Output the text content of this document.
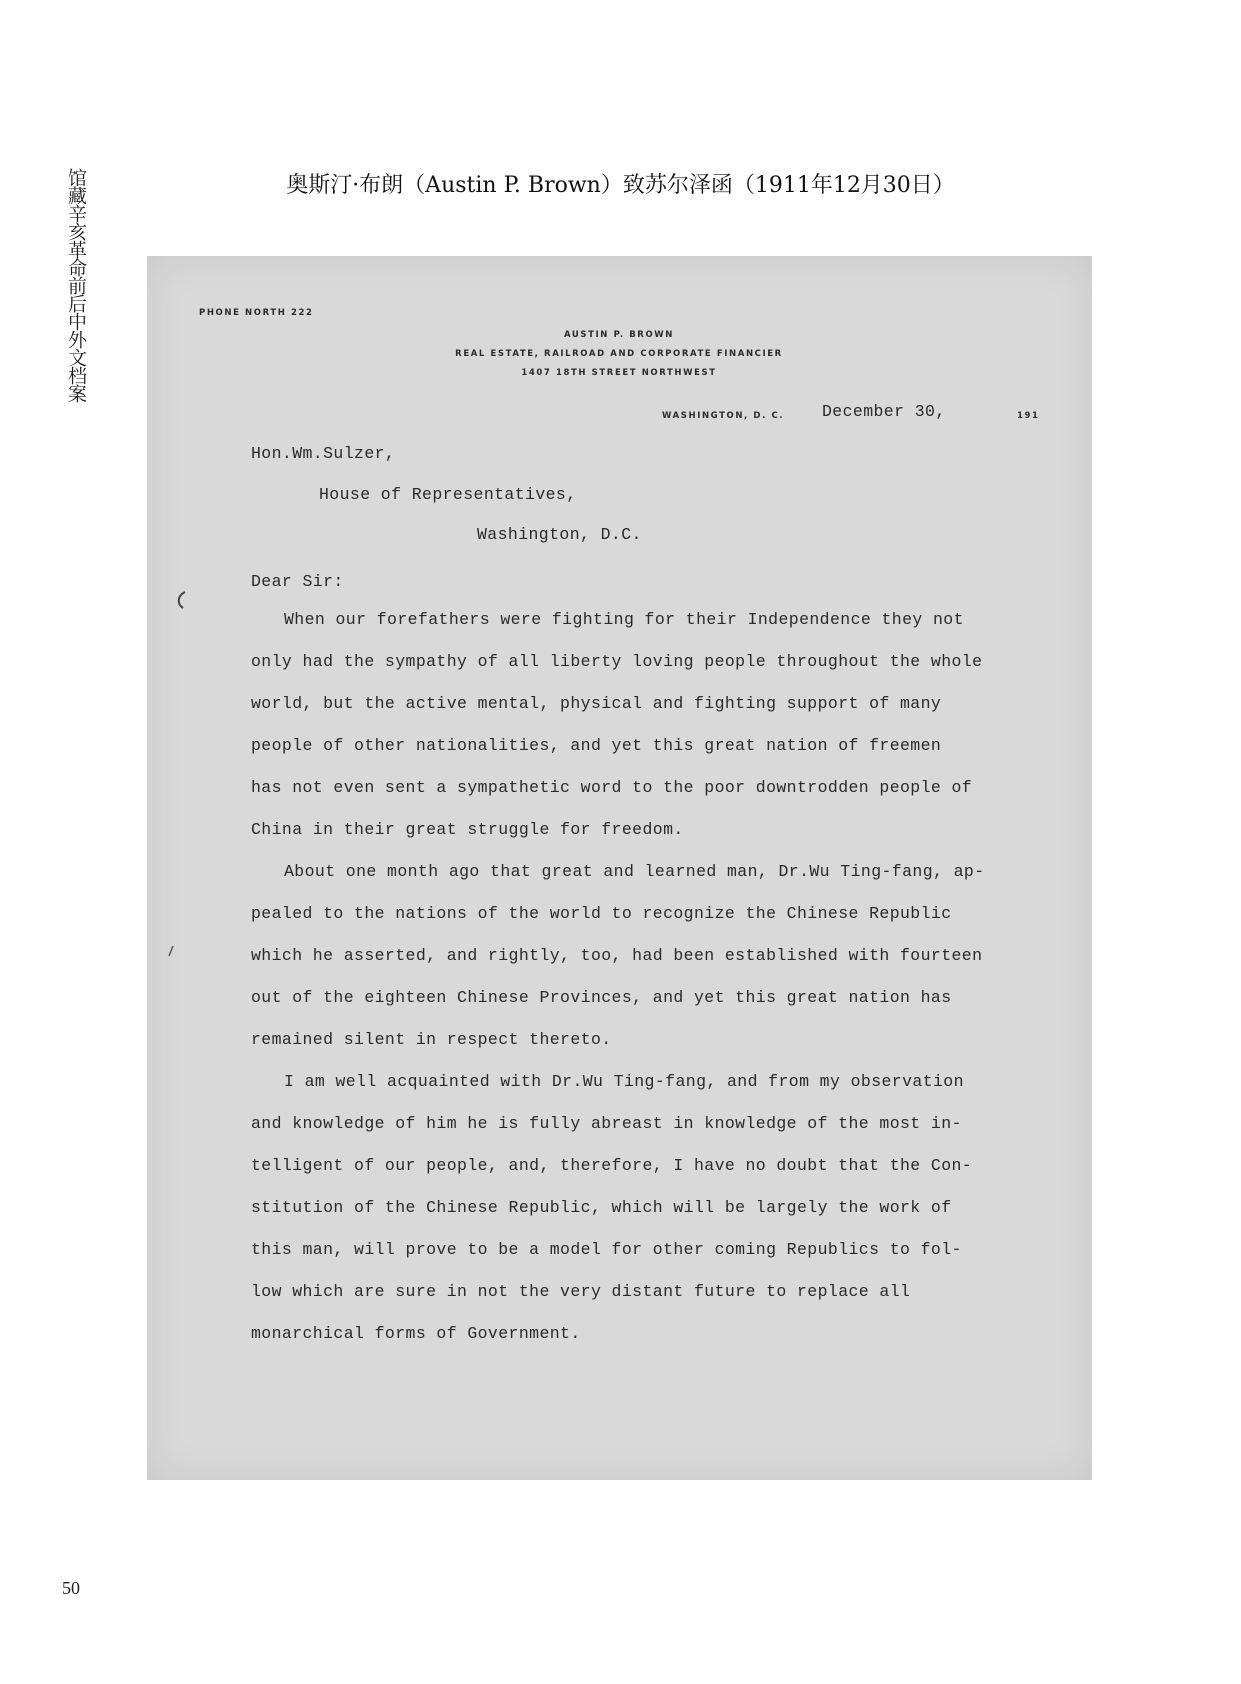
馆藏辛亥革命前后中外文档案	奥斯汀·布朗（Austin P. Brown）致苏尔泽函（1911年12月30日）
PHONE NORTH 222
AUSTIN P. BROWN
REAL ESTATE, RAILROAD AND CORPORATE FINANCIER
1407 18TH STREET NORTHWEST
WASHINGTON, D. C. December 30,	191
Hon.Wm.Sulzer,
House of Representatives,
Washington, D.C.
Dear Sir:
When our forefathers were fighting for their Independence they not
only had the sympathy of all liberty loving people throughout the whole
world, but the active mental, physical and fighting support of many
people of other nationalities, and yet this great nation of freemen
has not even sent a sympathetic word to the poor downtrodden people of
China in their great struggle for freedom.
About one month ago that great and learned man, Dr.Wu Ting-fang, ap-
pealed to the nations of the world to recognize the Chinese Republic
which he asserted, and rightly, too, had been established with fourteen
out of the eighteen Chinese Provinces, and yet this great nation has
remained silent in respect thereto.
I am well acquainted with Dr.Wu Ting-fang, and from my observation
and knowledge of him he is fully abreast in knowledge of the most in-
telligent of our people, and, therefore, I have no doubt that the Con-
stitution of the Chinese Republic, which will be largely the work of
this man, will prove to be a model for other coming Republics to fol-
low which are sure in not the very distant future to replace all
monarchical forms of Government.
50
